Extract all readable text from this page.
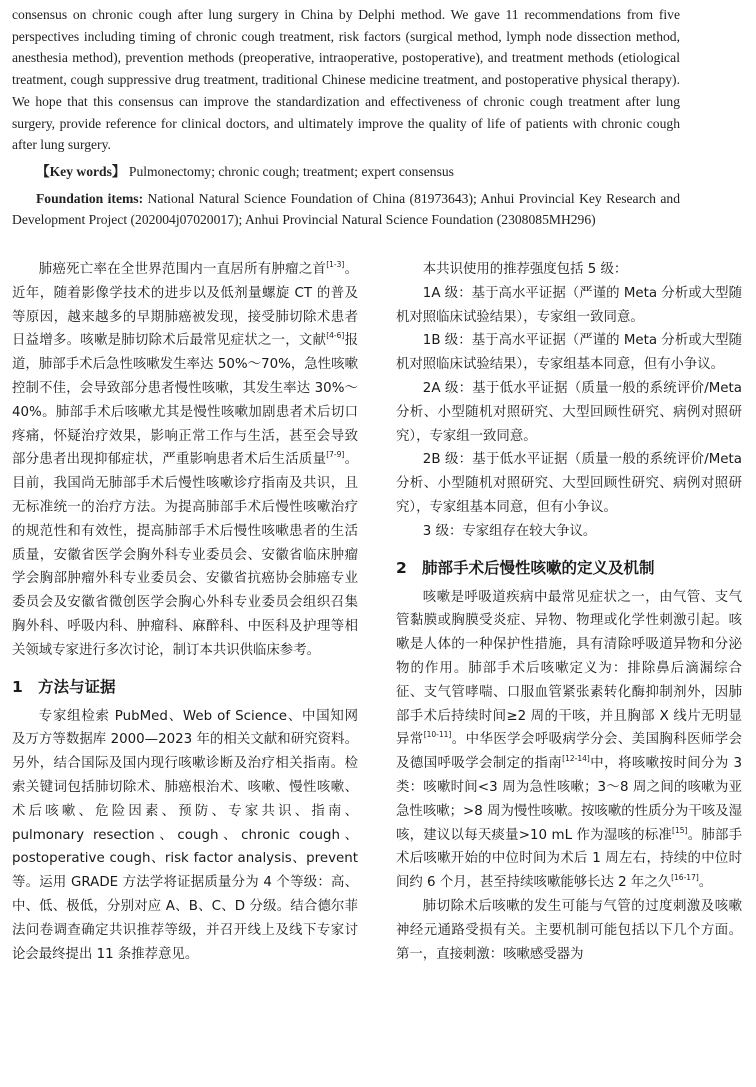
consensus on chronic cough after lung surgery in China by Delphi method. We gave 11 recommendations from five perspectives including timing of chronic cough treatment, risk factors (surgical method, lymph node dissection method, anesthesia method), prevention methods (preoperative, intraoperative, postoperative), and treatment methods (etiological treatment, cough suppressive drug treatment, traditional Chinese medicine treatment, and postoperative physical therapy). We hope that this consensus can improve the standardization and effectiveness of chronic cough treatment after lung surgery, provide reference for clinical doctors, and ultimately improve the quality of life of patients with chronic cough after lung surgery.

【Key words】 Pulmonectomy; chronic cough; treatment; expert consensus

Foundation items: National Natural Science Foundation of China (81973643); Anhui Provincial Key Research and Development Project (202004j07020017); Anhui Provincial Natural Science Foundation (2308085MH296)

肺癌死亡率在全世界范围内一直居所有肿瘤之首[1-3]。近年，随着影像学技术的进步以及低剂量螺旋 CT 的普及等原因，越来越多的早期肺癌被发现，接受肺切除术患者日益增多。咳嗽是肺切除术后最常见症状之一，文献[4-6]报道，肺部手术后急性咳嗽发生率达 50%～70%，急性咳嗽控制不佳，会导致部分患者慢性咳嗽，其发生率达 30%～40%。肺部手术后咳嗽尤其是慢性咳嗽加剧患者术后切口疼痛，怀疑治疗效果，影响正常工作与生活，甚至会导致部分患者出现抑郁症状，严重影响患者术后生活质量[7-9]。目前，我国尚无肺部手术后慢性咳嗽诊疗指南及共识，且无标准统一的治疗方法。为提高肺部手术后慢性咳嗽治疗的规范性和有效性，提高肺部手术后慢性咳嗽患者的生活质量，安徽省医学会胸外科专业委员会、安徽省临床肿瘤学会胸部肿瘤外科专业委员会、安徽省抗癌协会肺癌专业委员会及安徽省微创医学会胸心外科专业委员会组织召集胸外科、呼吸内科、肿瘤科、麻醉科、中医科及护理等相关领域专家进行多次讨论，制订本共识供临床参考。

1 方法与证据

专家组检索 PubMed、Web of Science、中国知网及万方等数据库 2000—2023 年的相关文献和研究资料。另外，结合国际及国内现行咳嗽诊断及治疗相关指南。检索关键词包括肺切除术、肺癌根治术、咳嗽、慢性咳嗽、术后咳嗽、危险因素、预防、专家共识、指南、pulmonary resection、cough、chronic cough、postoperative cough、risk factor analysis、prevent 等。运用 GRADE 方法学将证据质量分为 4 个等级：高、中、低、极低，分别对应 A、B、C、D 分级。结合德尔菲法问卷调查确定共识推荐等级，并召开线上及线下专家讨论会最终提出 11 条推荐意见。

本共识使用的推荐强度包括 5 级：

1A 级：基于高水平证据（严谨的 Meta 分析或大型随机对照临床试验结果），专家组一致同意。

1B 级：基于高水平证据（严谨的 Meta 分析或大型随机对照临床试验结果），专家组基本同意，但有小争议。

2A 级：基于低水平证据（质量一般的系统评价/Meta 分析、小型随机对照研究、大型回顾性研究、病例对照研究），专家组一致同意。

2B 级：基于低水平证据（质量一般的系统评价/Meta 分析、小型随机对照研究、大型回顾性研究、病例对照研究），专家组基本同意，但有小争议。

3 级：专家组存在较大争议。

2 肺部手术后慢性咳嗽的定义及机制

咳嗽是呼吸道疾病中最常见症状之一，由气管、支气管黏膜或胸膜受炎症、异物、物理或化学性刺激引起。咳嗽是人体的一种保护性措施，具有清除呼吸道异物和分泌物的作用。肺部手术后咳嗽定义为：排除鼻后滴漏综合征、支气管哮喘、口服血管紧张素转化酶抑制剂外，因肺部手术后持续时间≥2 周的干咳，并且胸部 X 线片无明显异常[10-11]。中华医学会呼吸病学分会、美国胸科医师学会及德国呼吸学会制定的指南[12-14]中，将咳嗽按时间分为 3 类：咳嗽时间<3 周为急性咳嗽；3～8 周之间的咳嗽为亚急性咳嗽；>8 周为慢性咳嗽。按咳嗽的性质分为干咳及湿咳，建议以每天痰量>10 mL 作为湿咳的标准[15]。肺部手术后咳嗽开始的中位时间为术后 1 周左右，持续的中位时间约 6 个月，甚至持续咳嗽能够长达 2 年之久[16-17]。

肺切除术后咳嗽的发生可能与气管的过度刺激及咳嗽神经元通路受损有关。主要机制可能包括以下几个方面。第一，直接刺激：咳嗽感受器为
